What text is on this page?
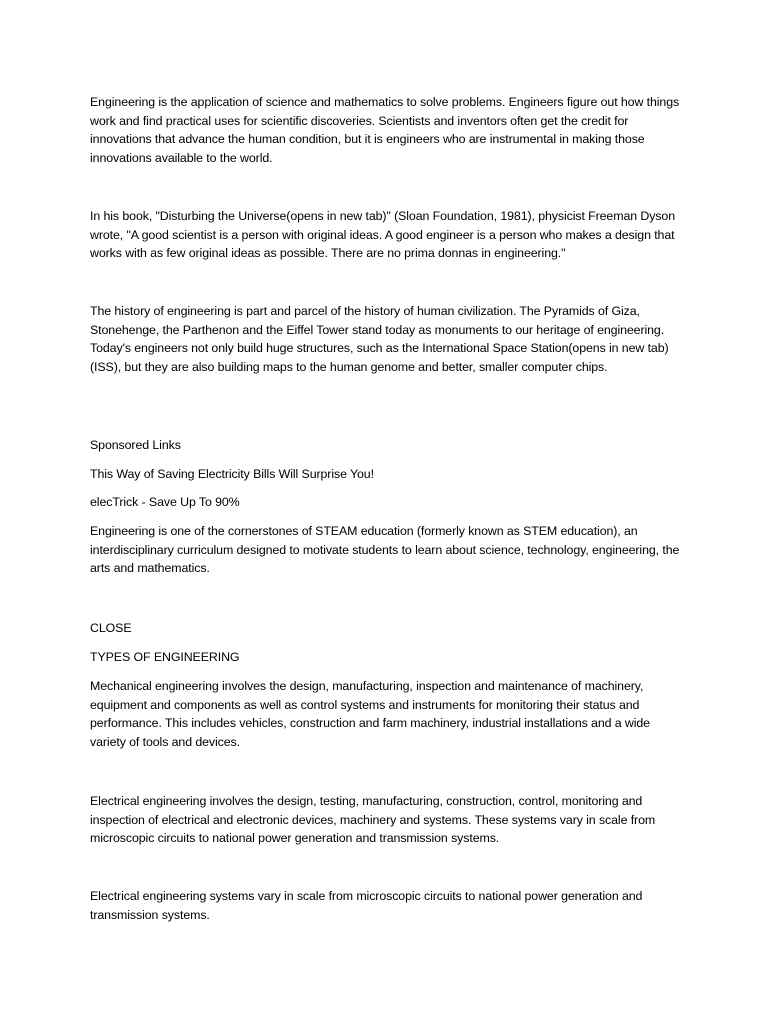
Engineering is the application of science and mathematics to solve problems. Engineers figure out how things work and find practical uses for scientific discoveries. Scientists and inventors often get the credit for innovations that advance the human condition, but it is engineers who are instrumental in making those innovations available to the world.

In his book, "Disturbing the Universe(opens in new tab)" (Sloan Foundation, 1981), physicist Freeman Dyson wrote, "A good scientist is a person with original ideas. A good engineer is a person who makes a design that works with as few original ideas as possible. There are no prima donnas in engineering."

The history of engineering is part and parcel of the history of human civilization. The Pyramids of Giza, Stonehenge, the Parthenon and the Eiffel Tower stand today as monuments to our heritage of engineering. Today's engineers not only build huge structures, such as the International Space Station(opens in new tab) (ISS), but they are also building maps to the human genome and better, smaller computer chips.

Sponsored Links

This Way of Saving Electricity Bills Will Surprise You!

elecTrick - Save Up To 90%

Engineering is one of the cornerstones of STEAM education (formerly known as STEM education), an interdisciplinary curriculum designed to motivate students to learn about science, technology, engineering, the arts and mathematics.

CLOSE

TYPES OF ENGINEERING

Mechanical engineering involves the design, manufacturing, inspection and maintenance of machinery, equipment and components as well as control systems and instruments for monitoring their status and performance. This includes vehicles, construction and farm machinery, industrial installations and a wide variety of tools and devices.

Electrical engineering involves the design, testing, manufacturing, construction, control, monitoring and inspection of electrical and electronic devices, machinery and systems. These systems vary in scale from microscopic circuits to national power generation and transmission systems.

Electrical engineering systems vary in scale from microscopic circuits to national power generation and transmission systems.
